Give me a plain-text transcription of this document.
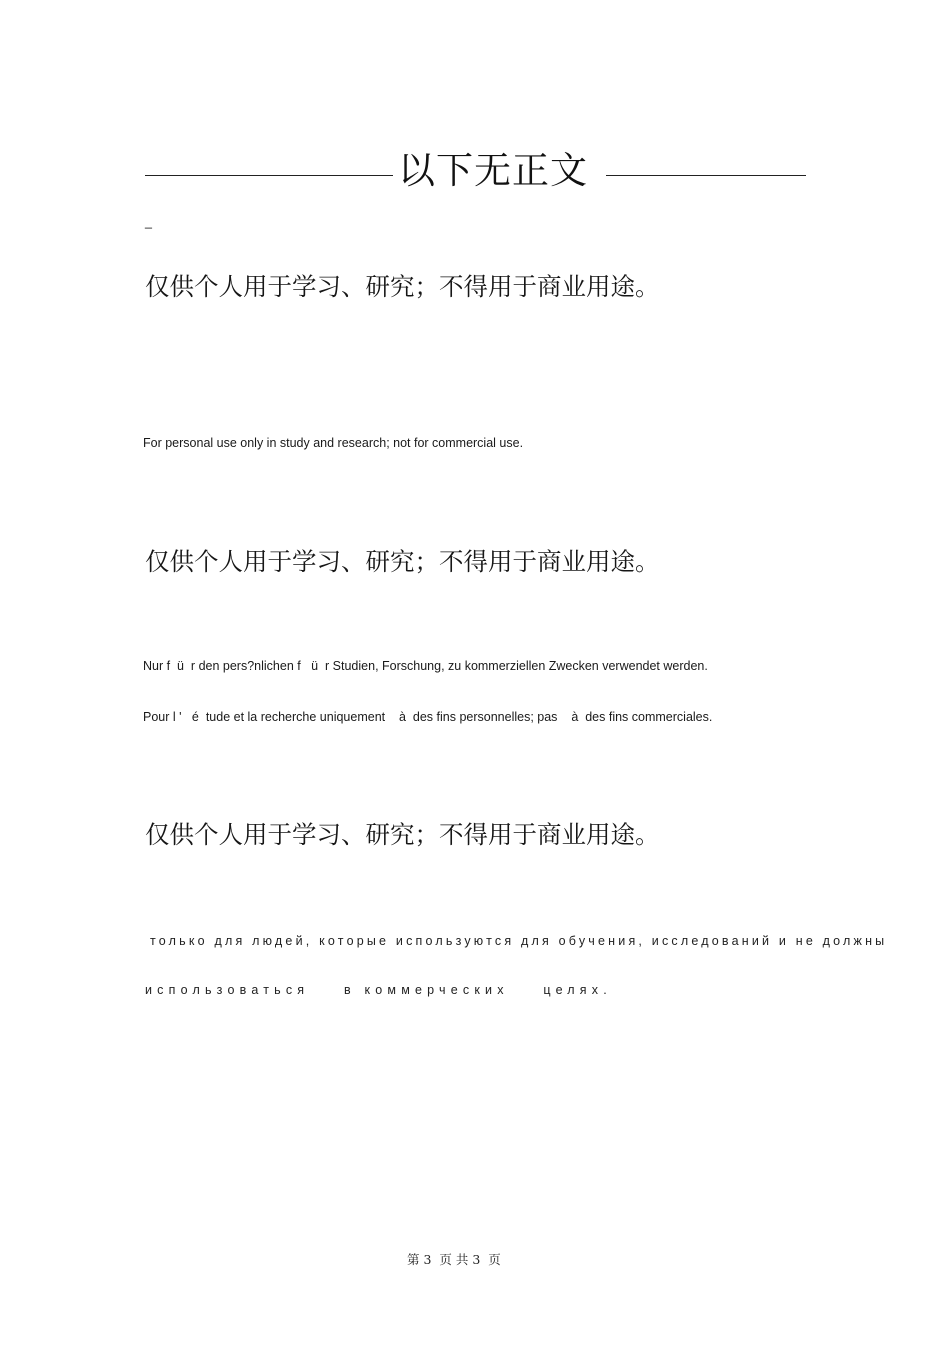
以下无正文
_
仅供个人用于学习、研究；不得用于商业用途。
For personal use only in study and research; not for commercial use.
仅供个人用于学习、研究；不得用于商业用途。
Nur f  ü  r den pers?nlichen f   ü  r Studien, Forschung, zu kommerziellen Zwecken verwendet werden.
Pour l '   é  tude et la recherche uniquement    à  des fins personnelles; pas    à  des fins commerciales.
仅供个人用于学习、研究；不得用于商业用途。
только для людей, которые используются для обучения, исследований и не должны
использоваться    в коммерческих    целях.
第 3  页 共 3  页
